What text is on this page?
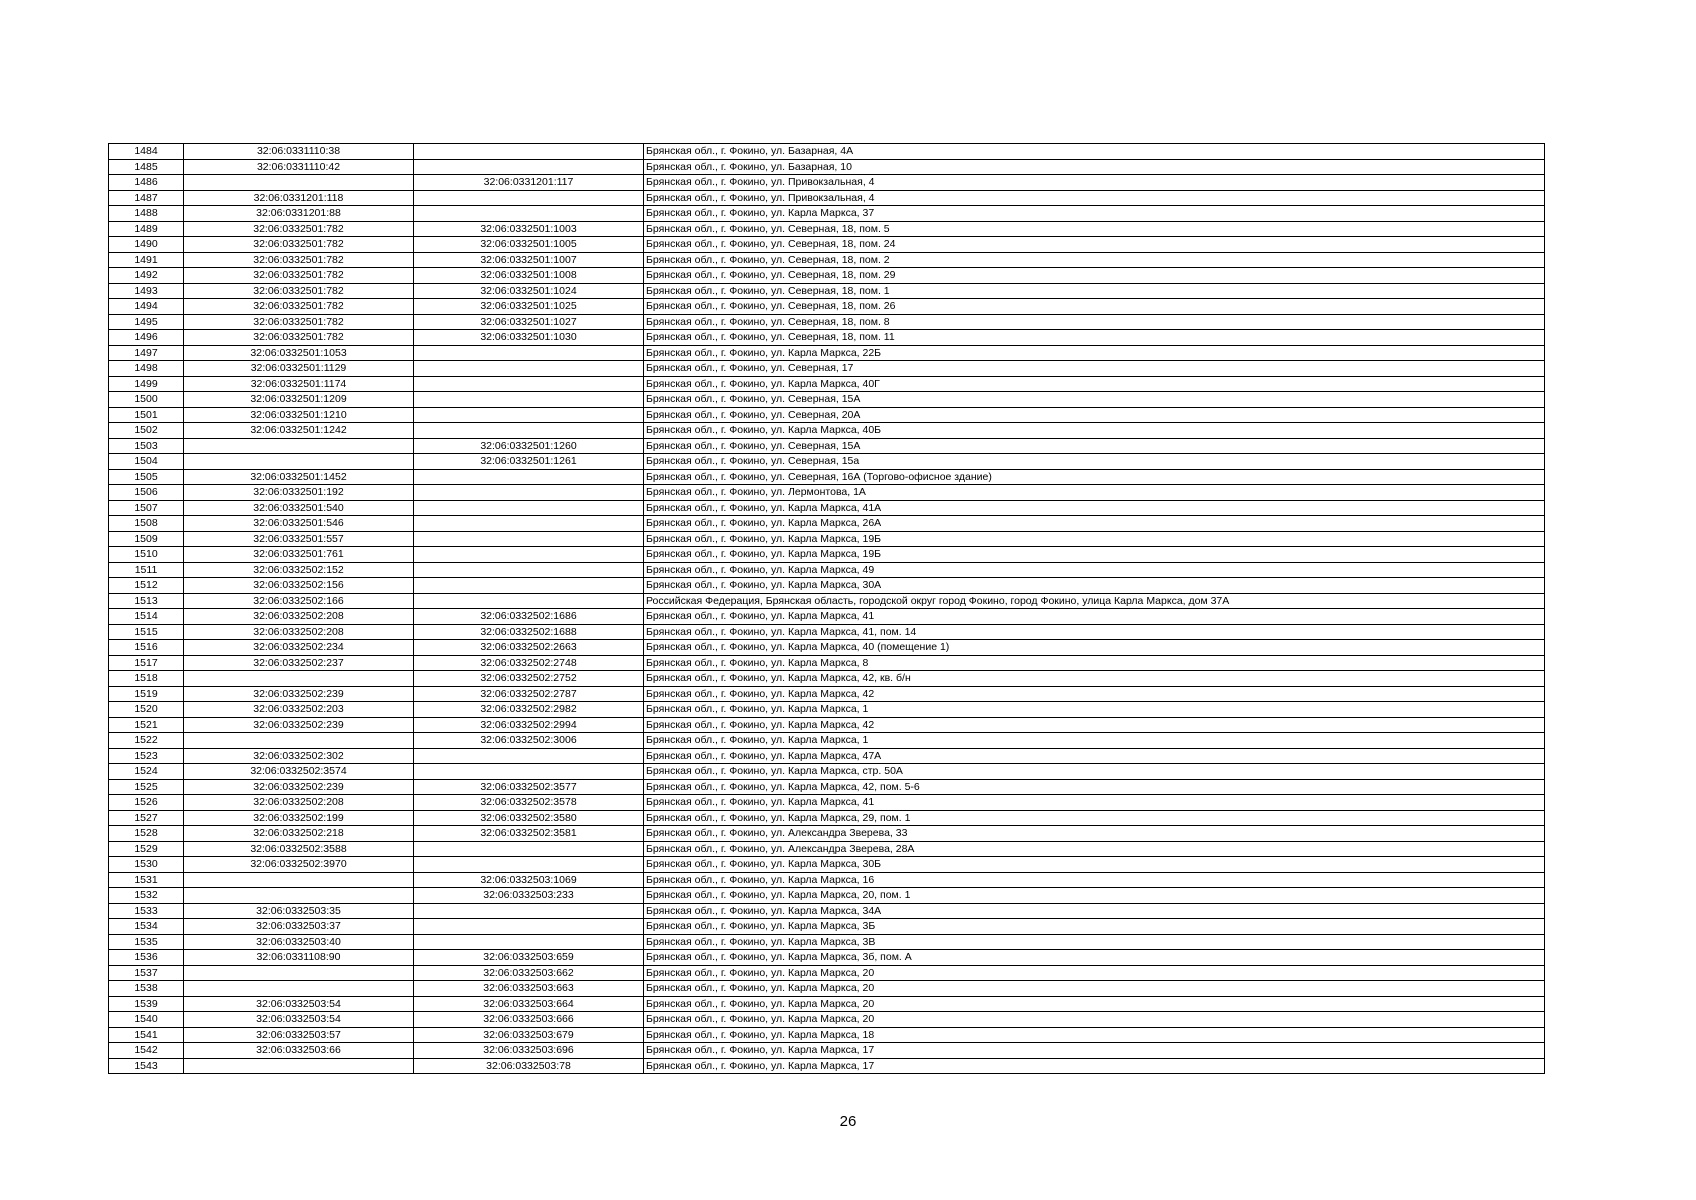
1484	32:06:0331110:38		Брянская обл., г. Фокино, ул. Базарная, 4А
1485	32:06:0331110:42		Брянская обл., г. Фокино, ул. Базарная, 10
1486		32:06:0331201:117	Брянская обл., г. Фокино, ул. Привокзальная, 4
1487	32:06:0331201:118		Брянская обл., г. Фокино, ул. Привокзальная, 4
1488	32:06:0331201:88		Брянская обл., г. Фокино, ул. Карла Маркса, 37
1489	32:06:0332501:782	32:06:0332501:1003	Брянская обл., г. Фокино, ул. Северная, 18, пом. 5
1490	32:06:0332501:782	32:06:0332501:1005	Брянская обл., г. Фокино, ул. Северная, 18, пом. 24
1491	32:06:0332501:782	32:06:0332501:1007	Брянская обл., г. Фокино, ул. Северная, 18, пом. 2
1492	32:06:0332501:782	32:06:0332501:1008	Брянская обл., г. Фокино, ул. Северная, 18, пом. 29
1493	32:06:0332501:782	32:06:0332501:1024	Брянская обл., г. Фокино, ул. Северная, 18, пом. 1
1494	32:06:0332501:782	32:06:0332501:1025	Брянская обл., г. Фокино, ул. Северная, 18, пом. 26
1495	32:06:0332501:782	32:06:0332501:1027	Брянская обл., г. Фокино, ул. Северная, 18, пом. 8
1496	32:06:0332501:782	32:06:0332501:1030	Брянская обл., г. Фокино, ул. Северная, 18, пом. 11
1497	32:06:0332501:1053		Брянская обл., г. Фокино, ул. Карла Маркса, 22Б
1498	32:06:0332501:1129		Брянская обл., г. Фокино, ул. Северная, 17
1499	32:06:0332501:1174		Брянская обл., г. Фокино, ул. Карла Маркса, 40Г
1500	32:06:0332501:1209		Брянская обл., г. Фокино, ул. Северная, 15А
1501	32:06:0332501:1210		Брянская обл., г. Фокино, ул. Северная, 20А
1502	32:06:0332501:1242		Брянская обл., г. Фокино, ул. Карла Маркса, 40Б
1503		32:06:0332501:1260	Брянская обл., г. Фокино, ул. Северная, 15А
1504		32:06:0332501:1261	Брянская обл., г. Фокино, ул. Северная, 15а
1505	32:06:0332501:1452		Брянская обл., г. Фокино, ул. Северная, 16А (Торгово-офисное здание)
1506	32:06:0332501:192		Брянская обл., г. Фокино, ул. Лермонтова, 1А
1507	32:06:0332501:540		Брянская обл., г. Фокино, ул. Карла Маркса, 41А
1508	32:06:0332501:546		Брянская обл., г. Фокино, ул. Карла Маркса, 26А
1509	32:06:0332501:557		Брянская обл., г. Фокино, ул. Карла Маркса, 19Б
1510	32:06:0332501:761		Брянская обл., г. Фокино, ул. Карла Маркса, 19Б
1511	32:06:0332502:152		Брянская обл., г. Фокино, ул. Карла Маркса, 49
1512	32:06:0332502:156		Брянская обл., г. Фокино, ул. Карла Маркса, 30А
1513	32:06:0332502:166		Российская Федерация, Брянская область, городской округ город Фокино, город Фокино, улица Карла Маркса, дом 37А
1514	32:06:0332502:208	32:06:0332502:1686	Брянская обл., г. Фокино, ул. Карла Маркса, 41
1515	32:06:0332502:208	32:06:0332502:1688	Брянская обл., г. Фокино, ул. Карла Маркса, 41, пом. 14
1516	32:06:0332502:234	32:06:0332502:2663	Брянская обл., г. Фокино, ул. Карла Маркса, 40 (помещение 1)
1517	32:06:0332502:237	32:06:0332502:2748	Брянская обл., г. Фокино, ул. Карла Маркса, 8
1518		32:06:0332502:2752	Брянская обл., г. Фокино, ул. Карла Маркса, 42, кв. б/н
1519	32:06:0332502:239	32:06:0332502:2787	Брянская обл., г. Фокино, ул. Карла Маркса, 42
1520	32:06:0332502:203	32:06:0332502:2982	Брянская обл., г. Фокино, ул. Карла Маркса, 1
1521	32:06:0332502:239	32:06:0332502:2994	Брянская обл., г. Фокино, ул. Карла Маркса, 42
1522		32:06:0332502:3006	Брянская обл., г. Фокино, ул. Карла Маркса, 1
1523	32:06:0332502:302		Брянская обл., г. Фокино, ул. Карла Маркса, 47А
1524	32:06:0332502:3574		Брянская обл., г. Фокино, ул. Карла Маркса, стр. 50А
1525	32:06:0332502:239	32:06:0332502:3577	Брянская обл., г. Фокино, ул. Карла Маркса, 42, пом. 5-6
1526	32:06:0332502:208	32:06:0332502:3578	Брянская обл., г. Фокино, ул. Карла Маркса, 41
1527	32:06:0332502:199	32:06:0332502:3580	Брянская обл., г. Фокино, ул. Карла Маркса, 29, пом. 1
1528	32:06:0332502:218	32:06:0332502:3581	Брянская обл., г. Фокино, ул. Александра Зверева, 33
1529	32:06:0332502:3588		Брянская обл., г. Фокино, ул. Александра Зверева, 28А
1530	32:06:0332502:3970		Брянская обл., г. Фокино, ул. Карла Маркса, 30Б
1531		32:06:0332503:1069	Брянская обл., г. Фокино, ул. Карла Маркса, 16
1532		32:06:0332503:233	Брянская обл., г. Фокино, ул. Карла Маркса, 20, пом. 1
1533	32:06:0332503:35		Брянская обл., г. Фокино, ул. Карла Маркса, 34А
1534	32:06:0332503:37		Брянская обл., г. Фокино, ул. Карла Маркса, 3Б
1535	32:06:0332503:40		Брянская обл., г. Фокино, ул. Карла Маркса, 3В
1536	32:06:0331108:90	32:06:0332503:659	Брянская обл., г. Фокино, ул. Карла Маркса, 3б, пом. А
1537		32:06:0332503:662	Брянская обл., г. Фокино, ул. Карла Маркса, 20
1538		32:06:0332503:663	Брянская обл., г. Фокино, ул. Карла Маркса, 20
1539	32:06:0332503:54	32:06:0332503:664	Брянская обл., г. Фокино, ул. Карла Маркса, 20
1540	32:06:0332503:54	32:06:0332503:666	Брянская обл., г. Фокино, ул. Карла Маркса, 20
1541	32:06:0332503:57	32:06:0332503:679	Брянская обл., г. Фокино, ул. Карла Маркса, 18
1542	32:06:0332503:66	32:06:0332503:696	Брянская обл., г. Фокино, ул. Карла Маркса, 17
1543		32:06:0332503:78	Брянская обл., г. Фокино, ул. Карла Маркса, 17
26
